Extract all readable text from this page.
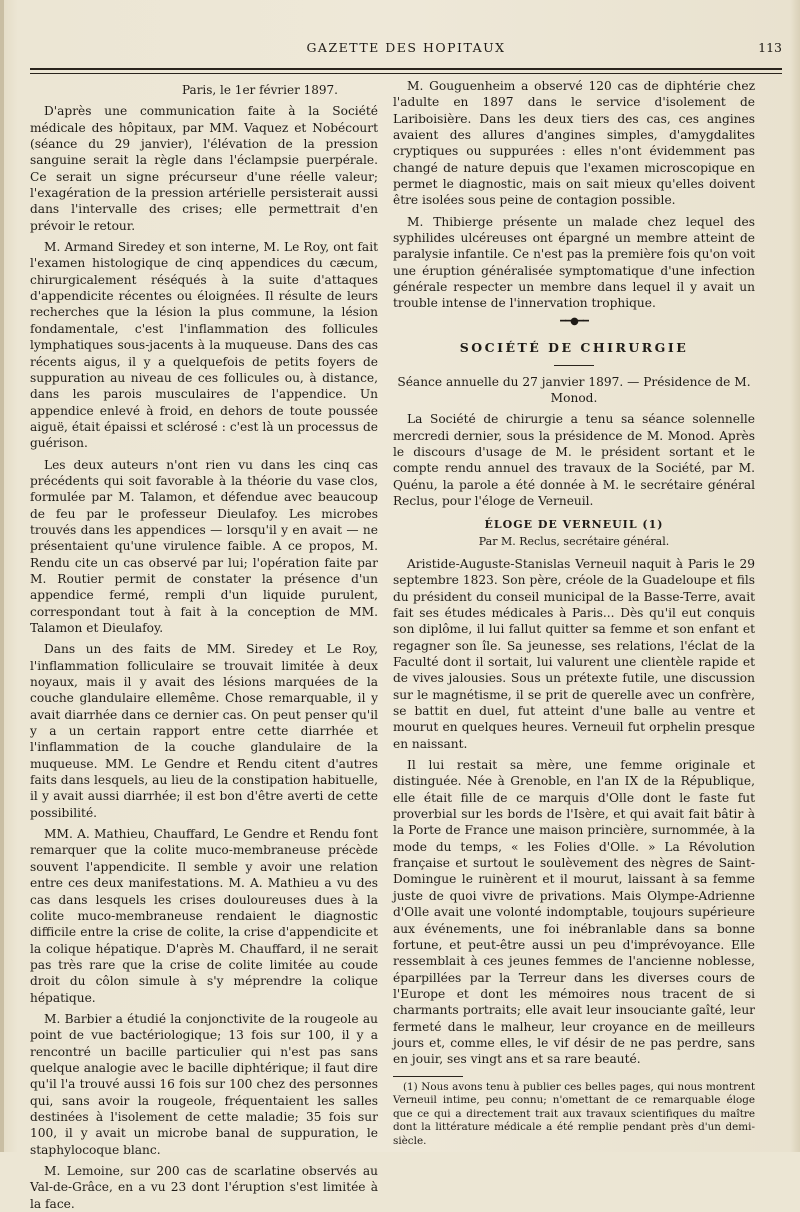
GAZETTE DES HOPITAUX	113

Paris, le 1er février 1897.

D'après une communication faite à la Société médicale des hôpitaux, par MM. Vaquez et Nobécourt (séance du 29 janvier), l'élévation de la pression sanguine serait la règle dans l'éclampsie puerpérale. Ce serait un signe précurseur d'une réelle valeur; l'exagération de la pression artérielle persisterait aussi dans l'intervalle des crises; elle permettrait d'en prévoir le retour.

M. Armand Siredey et son interne, M. Le Roy, ont fait l'examen histologique de cinq appendices du cæcum, chirurgicalement réséqués à la suite d'attaques d'appendicite récentes ou éloignées. Il résulte de leurs recherches que la lésion la plus commune, la lésion fondamentale, c'est l'inflammation des follicules lymphatiques sous-jacents à la muqueuse. Dans des cas récents aigus, il y a quelquefois de petits foyers de suppuration au niveau de ces follicules ou, à distance, dans les parois musculaires de l'appendice. Un appendice enlevé à froid, en dehors de toute poussée aiguë, était épaissi et sclérosé : c'est là un processus de guérison.

Les deux auteurs n'ont rien vu dans les cinq cas précédents qui soit favorable à la théorie du vase clos, formulée par M. Talamon, et défendue avec beaucoup de feu par le professeur Dieulafoy. Les microbes trouvés dans les appendices — lorsqu'il y en avait — ne présentaient qu'une virulence faible. A ce propos, M. Rendu cite un cas observé par lui; l'opération faite par M. Routier permit de constater la présence d'un appendice fermé, rempli d'un liquide purulent, correspondant tout à fait à la conception de MM. Talamon et Dieulafoy.

Dans un des faits de MM. Siredey et Le Roy, l'inflammation folliculaire se trouvait limitée à deux noyaux, mais il y avait des lésions marquées de la couche glandulaire ellemême. Chose remarquable, il y avait diarrhée dans ce dernier cas. On peut penser qu'il y a un certain rapport entre cette diarrhée et l'inflammation de la couche glandulaire de la muqueuse. MM. Le Gendre et Rendu citent d'autres faits dans lesquels, au lieu de la constipation habituelle, il y avait aussi diarrhée; il est bon d'être averti de cette possibilité.

MM. A. Mathieu, Chauffard, Le Gendre et Rendu font remarquer que la colite muco-membraneuse précède souvent l'appendicite. Il semble y avoir une relation entre ces deux manifestations. M. A. Mathieu a vu des cas dans lesquels les crises douloureuses dues à la colite muco-membraneuse rendaient le diagnostic difficile entre la crise de colite, la crise d'appendicite et la colique hépatique. D'après M. Chauffard, il ne serait pas très rare que la crise de colite limitée au coude droit du côlon simule à s'y méprendre la colique hépatique.

M. Barbier a étudié la conjonctivite de la rougeole au point de vue bactériologique; 13 fois sur 100, il y a rencontré un bacille particulier qui n'est pas sans quelque analogie avec le bacille diphtérique; il faut dire qu'il l'a trouvé aussi 16 fois sur 100 chez des personnes qui, sans avoir la rougeole, fréquentaient les salles destinées à l'isolement de cette maladie; 35 fois sur 100, il y avait un microbe banal de suppuration, le staphylocoque blanc.

M. Lemoine, sur 200 cas de scarlatine observés au Val-de-Grâce, en a vu 23 dont l'éruption s'est limitée à la face.

M. Gouguenheim a observé 120 cas de diphtérie chez l'adulte en 1897 dans le service d'isolement de Lariboisière. Dans les deux tiers des cas, ces angines avaient des allures d'angines simples, d'amygdalites cryptiques ou suppurées : elles n'ont évidemment pas changé de nature depuis que l'examen microscopique en permet le diagnostic, mais on sait mieux qu'elles doivent être isolées sous peine de contagion possible.

M. Thibierge présente un malade chez lequel des syphilides ulcéreuses ont épargné un membre atteint de paralysie infantile. Ce n'est pas la première fois qu'on voit une éruption généralisée symptomatique d'une infection générale respecter un membre dans lequel il y avait un trouble intense de l'innervation trophique.

━━●━━
SOCIÉTÉ DE CHIRURGIE

Séance annuelle du 27 janvier 1897. — Présidence de M. Monod.

La Société de chirurgie a tenu sa séance solennelle mercredi dernier, sous la présidence de M. Monod. Après le discours d'usage de M. le président sortant et le compte rendu annuel des travaux de la Société, par M. Quénu, la parole a été donnée à M. le secrétaire général Reclus, pour l'éloge de Verneuil.

ÉLOGE DE VERNEUIL (1)
Par M. Reclus, secrétaire général.

Aristide-Auguste-Stanislas Verneuil naquit à Paris le 29 septembre 1823. Son père, créole de la Guadeloupe et fils du président du conseil municipal de la Basse-Terre, avait fait ses études médicales à Paris... Dès qu'il eut conquis son diplôme, il lui fallut quitter sa femme et son enfant et regagner son île. Sa jeunesse, ses relations, l'éclat de la Faculté dont il sortait, lui valurent une clientèle rapide et de vives jalousies. Sous un prétexte futile, une discussion sur le magnétisme, il se prit de querelle avec un confrère, se battit en duel, fut atteint d'une balle au ventre et mourut en quelques heures. Verneuil fut orphelin presque en naissant.

Il lui restait sa mère, une femme originale et distinguée. Née à Grenoble, en l'an IX de la République, elle était fille de ce marquis d'Olle dont le faste fut proverbial sur les bords de l'Isère, et qui avait fait bâtir à la Porte de France une maison princière, surnommée, à la mode du temps, « les Folies d'Olle. » La Révolution française et surtout le soulèvement des nègres de Saint-Domingue le ruinèrent et il mourut, laissant à sa femme juste de quoi vivre de privations. Mais Olympe-Adrienne d'Olle avait une volonté indomptable, toujours supérieure aux événements, une foi inébranlable dans sa bonne fortune, et peut-être aussi un peu d'imprévoyance. Elle ressemblait à ces jeunes femmes de l'ancienne noblesse, éparpillées par la Terreur dans les diverses cours de l'Europe et dont les mémoires nous tracent de si charmants portraits; elle avait leur insouciante gaîté, leur fermeté dans le malheur, leur croyance en de meilleurs jours et, comme elles, le vif désir de ne pas perdre, sans en jouir, ses vingt ans et sa rare beauté.

(1) Nous avons tenu à publier ces belles pages, qui nous montrent Verneuil intime, peu connu; n'omettant de ce remarquable éloge que ce qui a directement trait aux travaux scientifiques du maître dont la littérature médicale a été remplie pendant près d'un demi-siècle.
